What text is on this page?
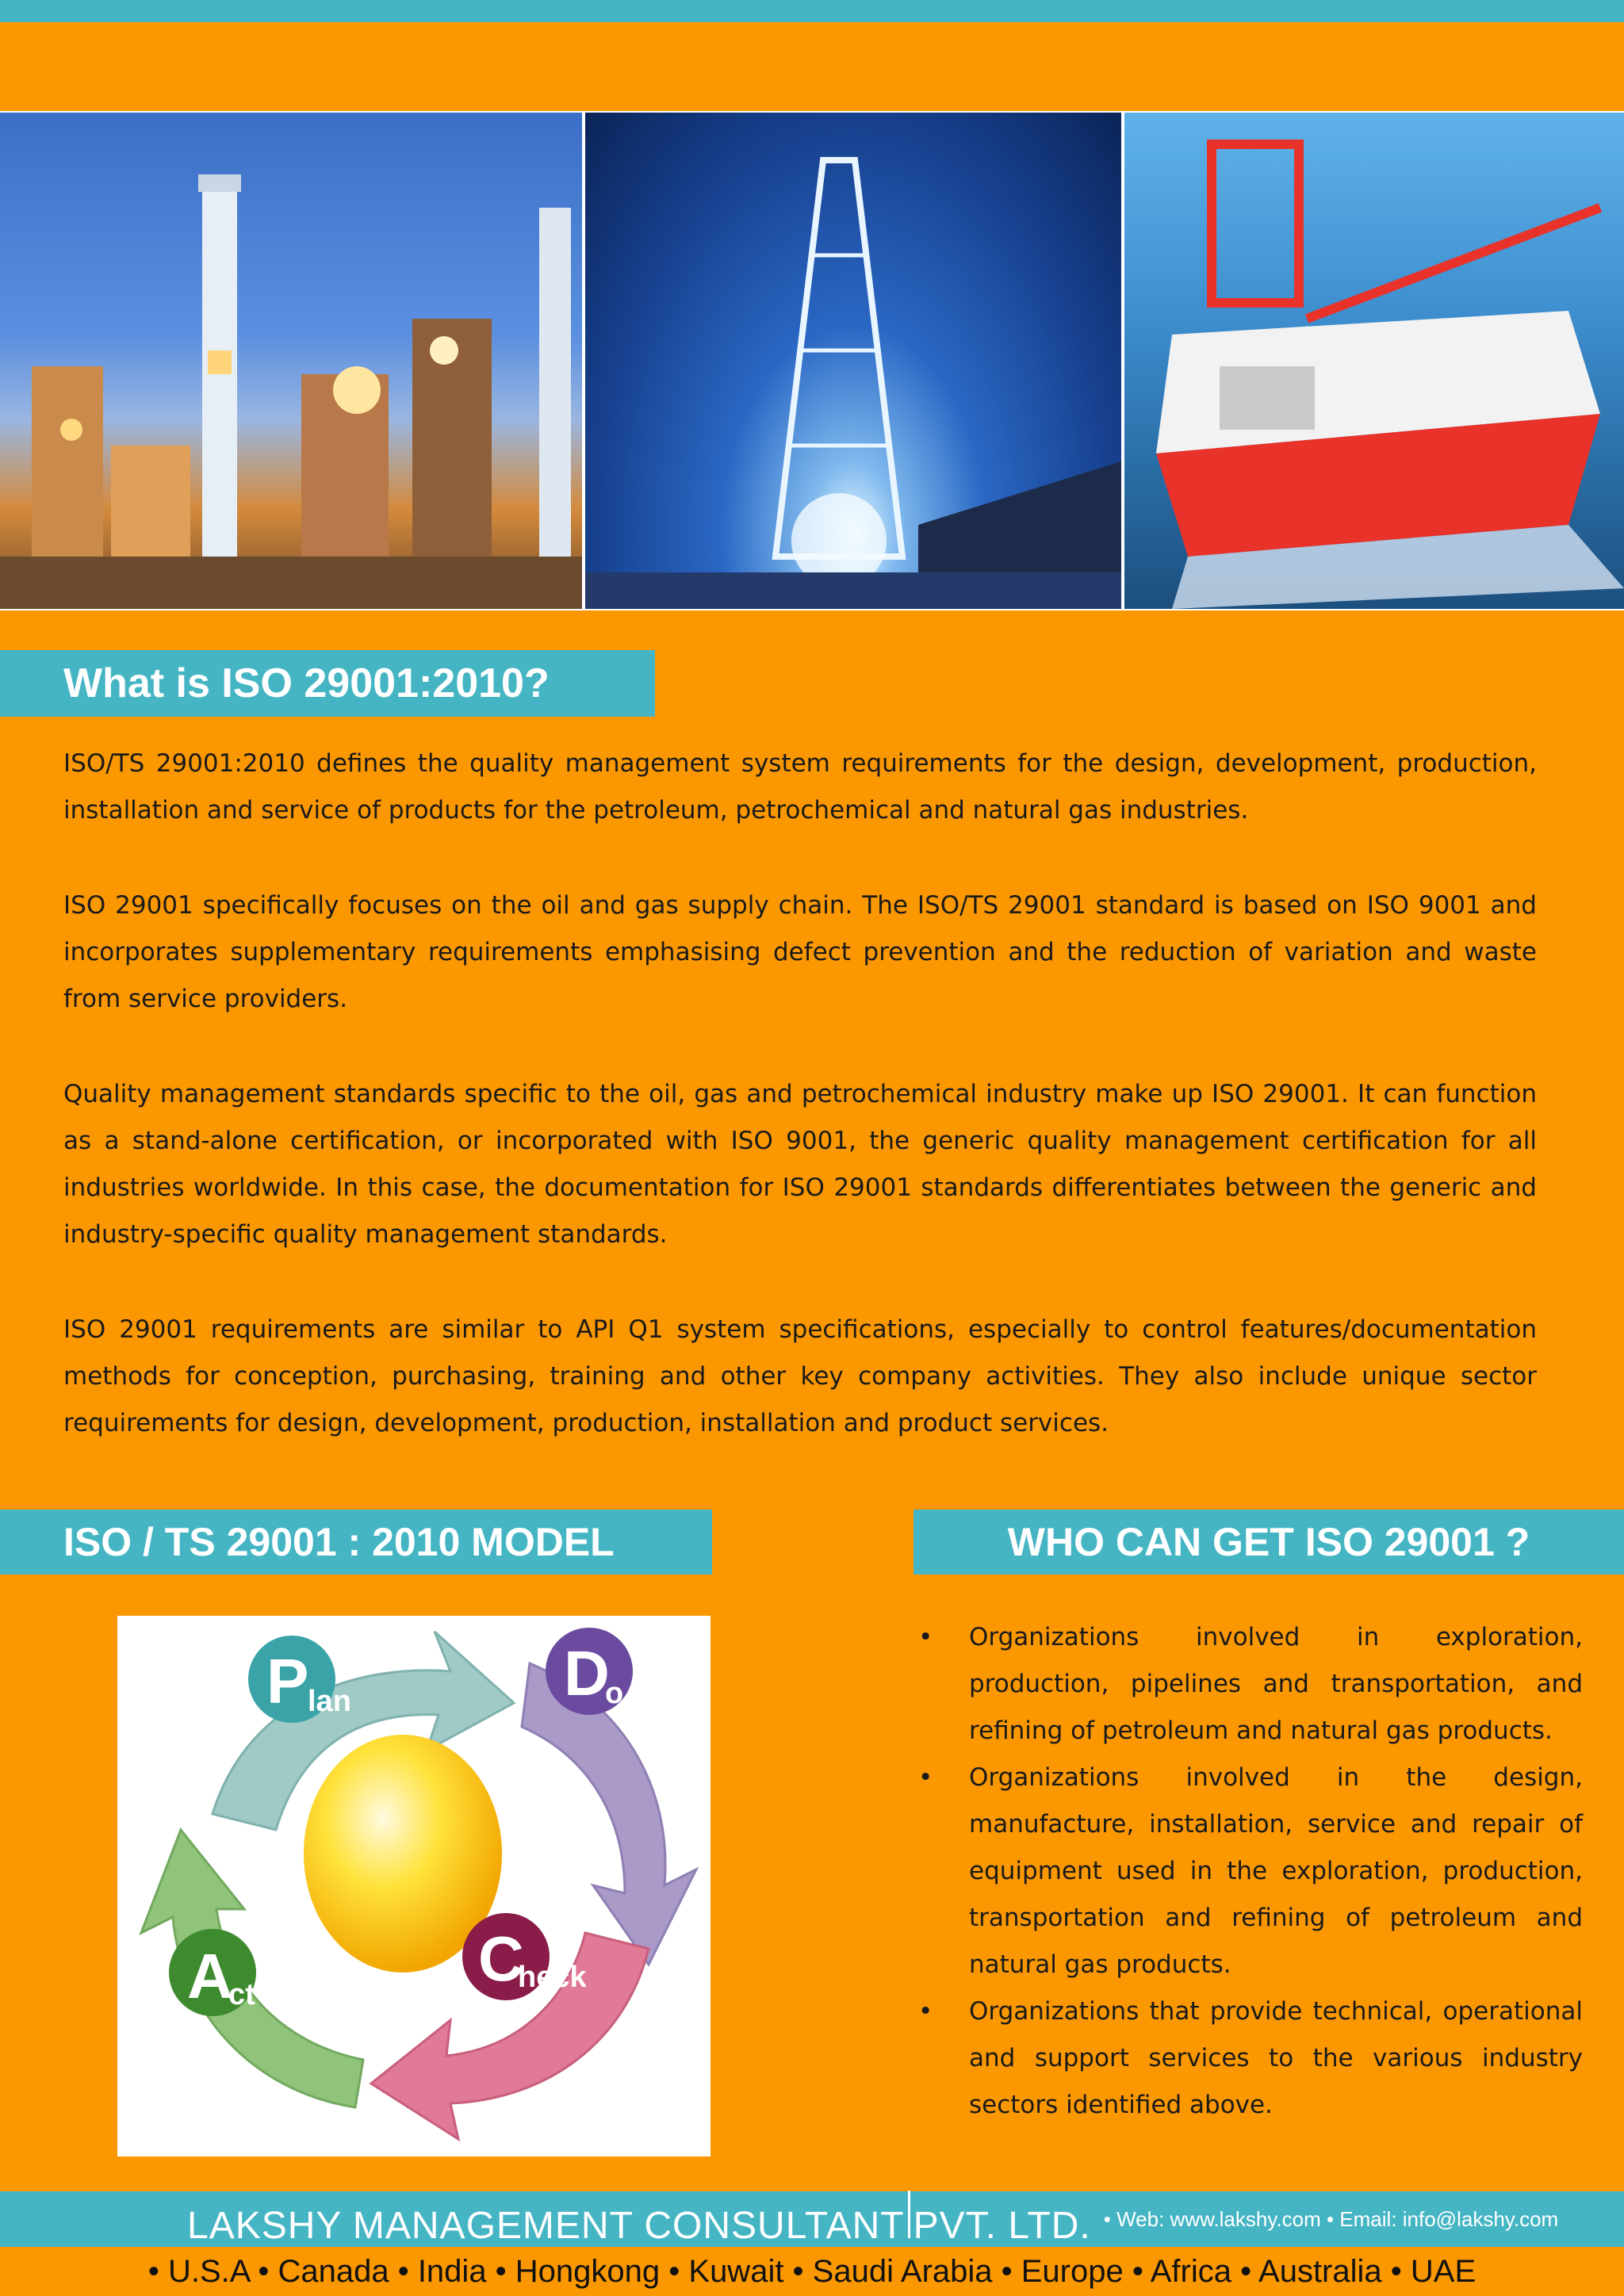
What is ISO 29001:2010?

ISO/TS 29001:2010 defines the quality management system requirements for the design, development, production, installation and service of products for the petroleum, petrochemical and natural gas industries.

ISO 29001 specifically focuses on the oil and gas supply chain. The ISO/TS 29001 standard is based on ISO 9001 and incorporates supplementary requirements emphasising defect prevention and the reduction of variation and waste from service providers.

Quality management standards specific to the oil, gas and petrochemical industry make up ISO 29001. It can function as a stand-alone certification, or incorporated with ISO 9001, the generic quality management certification for all industries worldwide. In this case, the documentation for ISO 29001 standards differentiates between the generic and industry-specific quality management standards.

ISO 29001 requirements are similar to API Q1 system specifications, especially to control features/documentation methods for conception, purchasing, training and other key company activities. They also include unique sector requirements for design, development, production, installation and product services.

ISO / TS 29001 : 2010 MODEL	WHO CAN GET ISO 29001 ?
P
lan	D
o
C
heck
A
ct
• Organizations involved in exploration, production, pipelines and transportation, and refining of petroleum and natural gas products.
• Organizations involved in the design, manufacture, installation, service and repair of equipment used in the exploration, production, transportation and refining of petroleum and natural gas products.
• Organizations that provide technical, operational and support services to the various industry sectors identified above.
LAKSHY MANAGEMENT CONSULTANT PVT. LTD. • Web: www.lakshy.com • Email: info@lakshy.com
• U.S.A • Canada • India • Hongkong • Kuwait • Saudi Arabia • Europe • Africa • Australia • UAE
